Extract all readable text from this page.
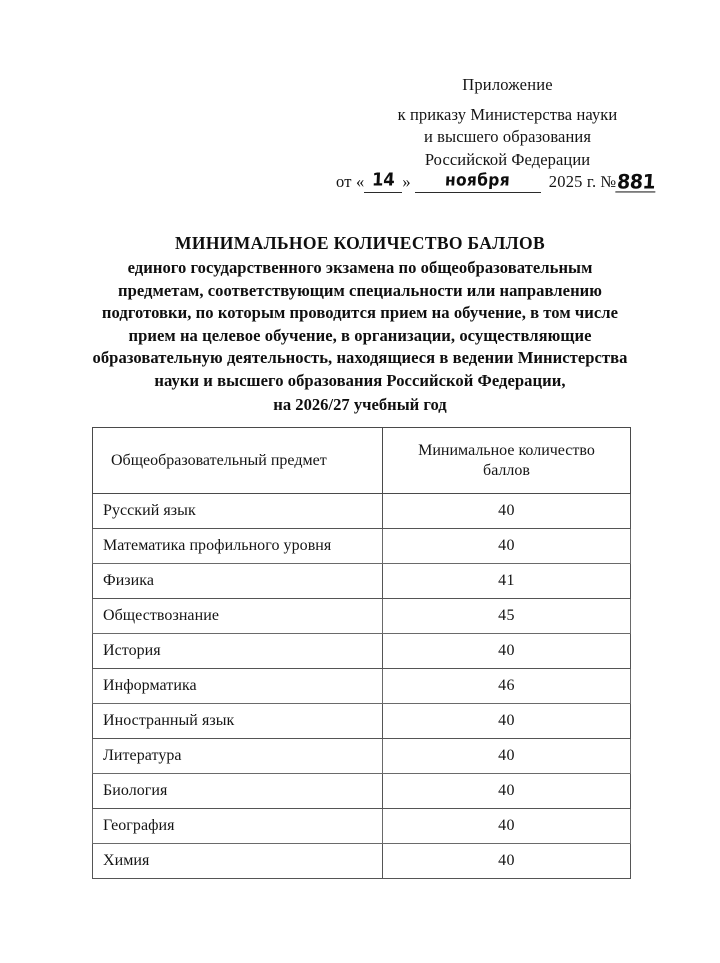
Приложение
к приказу Министерства науки
и высшего образования
Российской Федерации
от « 14 » ноября 2025 г. №881
МИНИМАЛЬНОЕ КОЛИЧЕСТВО БАЛЛОВ
единого государственного экзамена по общеобразовательным
предметам, соответствующим специальности или направлению
подготовки, по которым проводится прием на обучение, в том числе
прием на целевое обучение, в организации, осуществляющие
образовательную деятельность, находящиеся в ведении Министерства
науки и высшего образования Российской Федерации,
на 2026/27 учебный год
Общеобразовательный предмет	Минимальное количество
баллов
Русский язык	40
Математика профильного уровня	40
Физика	41
Обществознание	45
История	40
Информатика	46
Иностранный язык	40
Литература	40
Биология	40
География	40
Химия	40
